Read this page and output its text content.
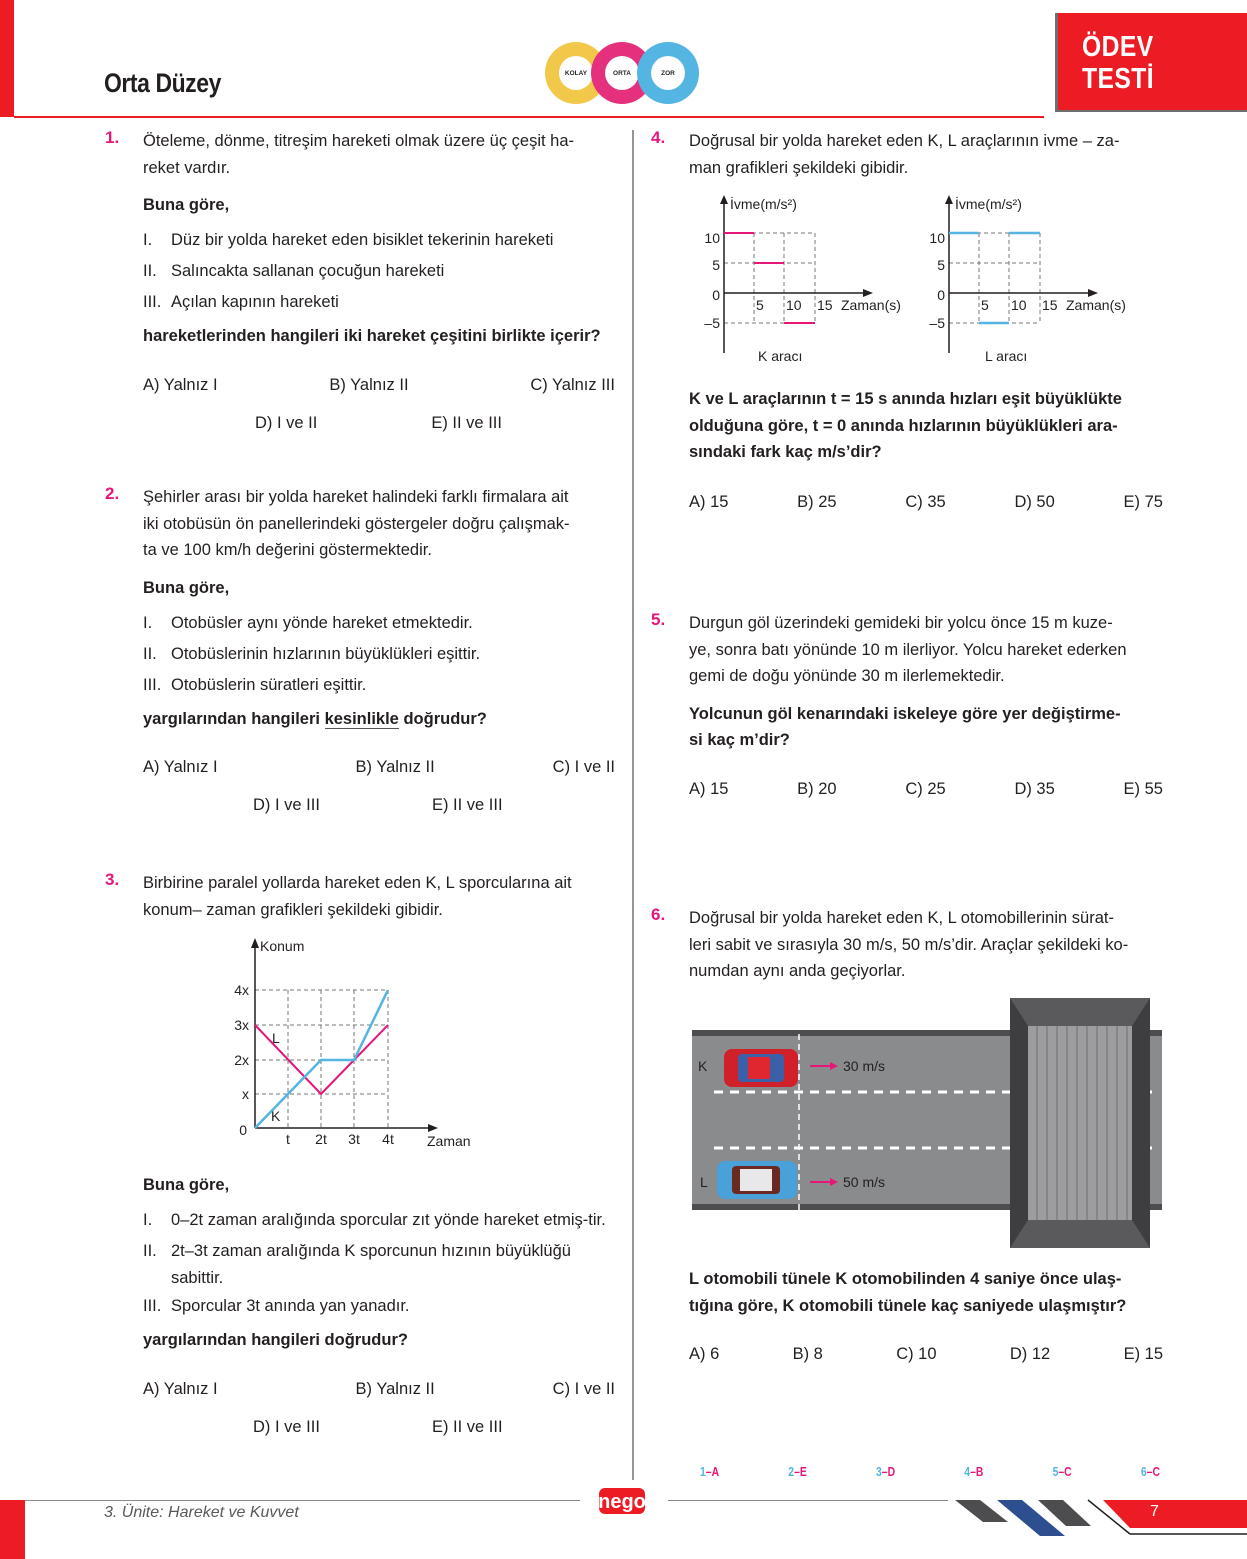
Orta Düzey	KOLAY	ORTA	ZOR
ÖDEV
TESTİ
1. Öteleme, dönme, titreşim hareketi olmak üzere üç çeşit ha-
reket vardır.
Buna göre,
I.	Düz bir yolda hareket eden bisiklet tekerinin hareketi
II. Salıncakta sallanan çocuğun hareketi
III. Açılan kapının hareketi
hareketlerinden hangileri iki hareket çeşitini birlikte içerir?
A) Yalnız I	B) Yalnız II	C) Yalnız III
D) I ve II	E) II ve III
2. Şehirler arası bir yolda hareket halindeki farklı firmalara ait
iki otobüsün ön panellerindeki göstergeler doğru çalışmak-
ta ve 100 km/h değerini göstermektedir.
Buna göre,
I.	Otobüsler aynı yönde hareket etmektedir.
II. Otobüslerinin hızlarının büyüklükleri eşittir.
III. Otobüslerin süratleri eşittir.
yargılarından hangileri kesinlikle doğrudur?
A) Yalnız I	B) Yalnız II	C) I ve II
D) I ve III	E) II ve III
3. Birbirine paralel yollarda hareket eden K, L sporcularına ait
konum– zaman grafikleri şekildeki gibidir.
Konum
4x
3x
2x
x
0
t 2t 3t 4t Zaman
L
K
Buna göre,
I.	0–2t zaman aralığında sporcular zıt yönde hareket etmiş-tir.
II. 2t–3t zaman aralığında K sporcunun hızının büyüklüğü sabittir.
III. Sporcular 3t anında yan yanadır.
yargılarından hangileri doğrudur?
A) Yalnız I	B) Yalnız II	C) I ve II
D) I ve III	E) II ve III
4. Doğrusal bir yolda hareket eden K, L araçlarının ivme – za-
man grafikleri şekildeki gibidir.
İvme(m/s²)
10
5
0
–5
5 10 15 Zaman(s)
K aracı
İvme(m/s²)
10
5
0
–5
5 10 15 Zaman(s)
L aracı
K ve L araçlarının t = 15 s anında hızları eşit büyüklükte
olduğuna göre, t = 0 anında hızlarının büyüklükleri ara-
sındaki fark kaç m/s’dir?
A) 15	B) 25	C) 35	D) 50	E) 75
5. Durgun göl üzerindeki gemideki bir yolcu önce 15 m kuze-
ye, sonra batı yönünde 10 m ilerliyor. Yolcu hareket ederken
gemi de doğu yönünde 30 m ilerlemektedir.
Yolcunun göl kenarındaki iskeleye göre yer değiştirme-
si kaç m’dir?
A) 15	B) 20	C) 25	D) 35	E) 55
6. Doğrusal bir yolda hareket eden K, L otomobillerinin sürat-
leri sabit ve sırasıyla 30 m/s, 50 m/s’dir. Araçlar şekildeki ko-
numdan aynı anda geçiyorlar.
K	30 m/s
L	50 m/s
L otomobili tünele K otomobilinden 4 saniye önce ulaş-
tığına göre, K otomobili tünele kaç saniyede ulaşmıştır?
A) 6	B) 8	C) 10	D) 12	E) 15
1–A	2–E	3–D	4–B	5–C	6–C
3. Ünite: Hareket ve Kuvvet	nego	7
